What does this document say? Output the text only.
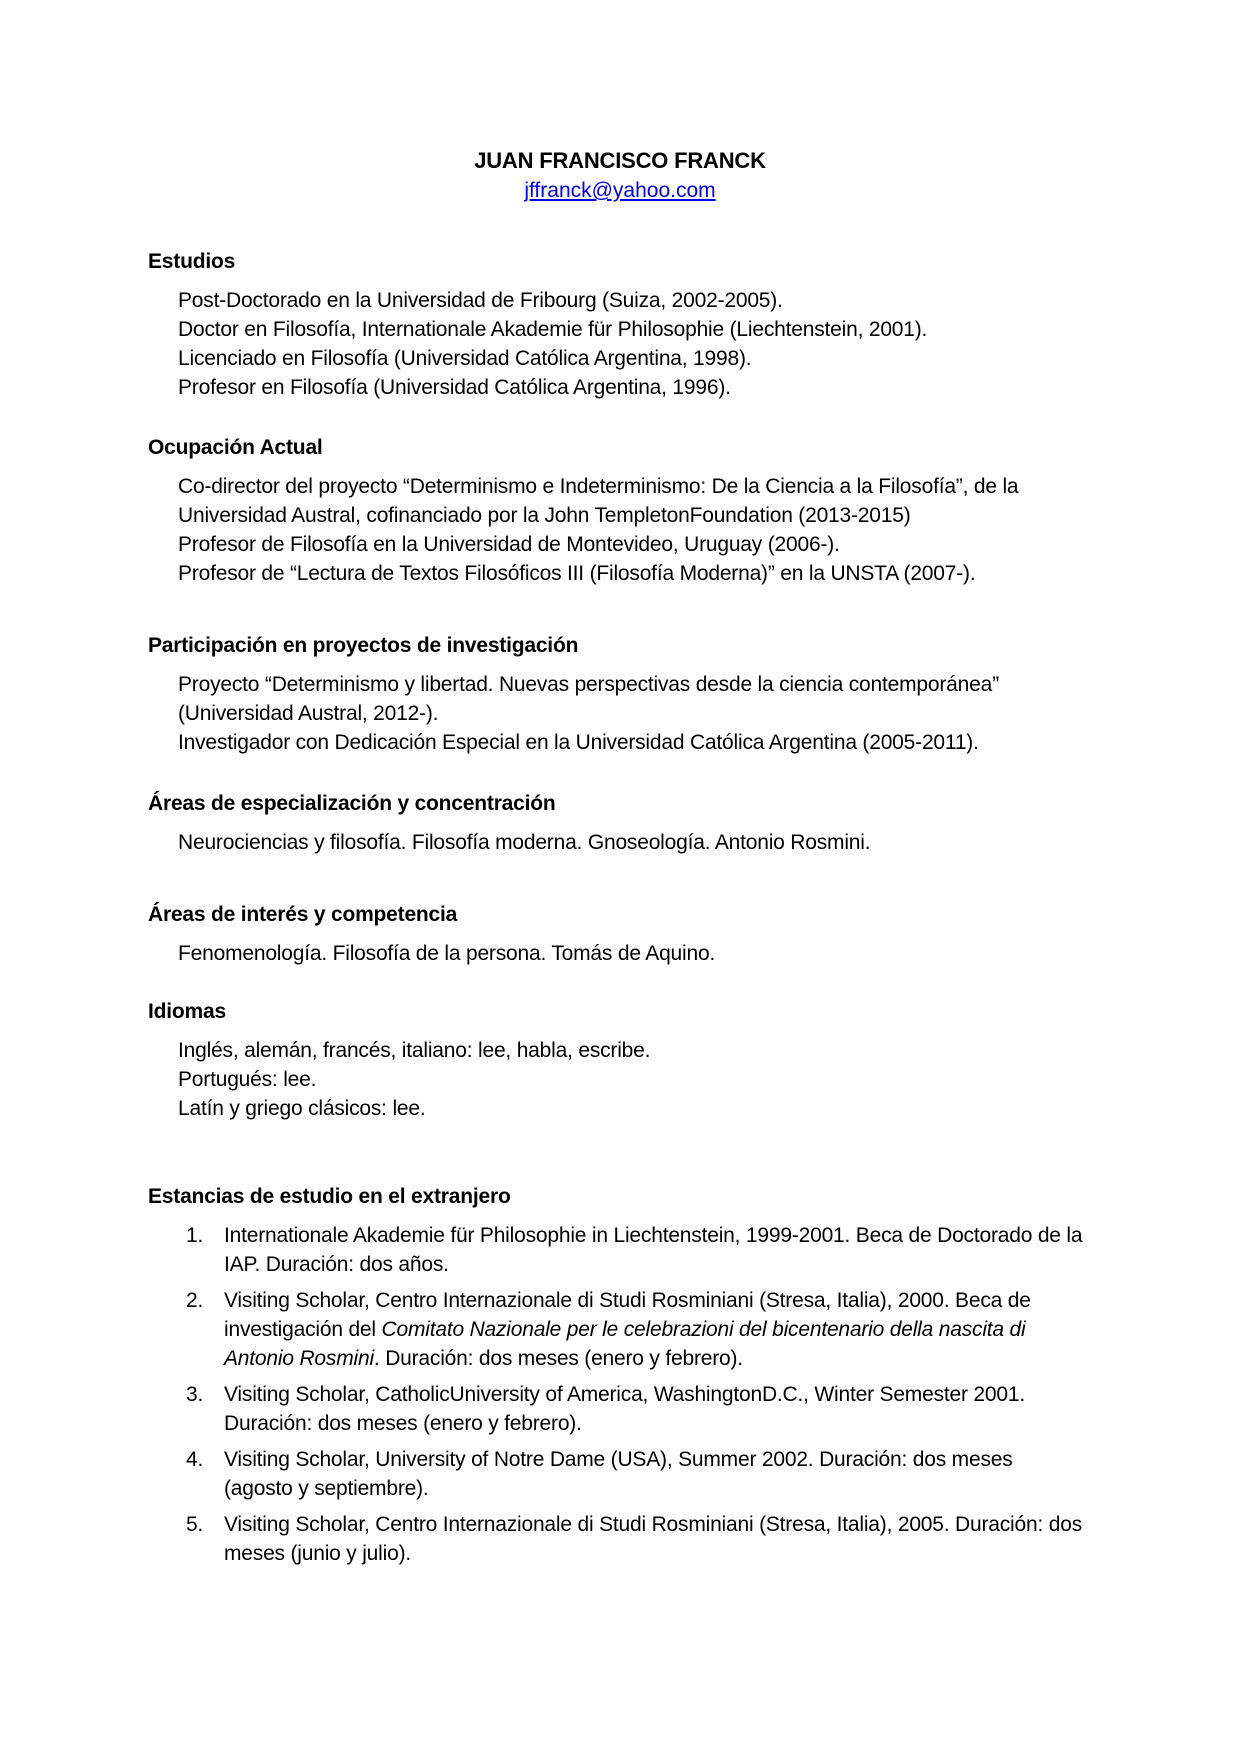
JUAN FRANCISCO FRANCK
jffranck@yahoo.com
Estudios

Post-Doctorado en la Universidad de Fribourg (Suiza, 2002-2005).

Doctor en Filosofía, Internationale Akademie für Philosophie (Liechtenstein, 2001).

Licenciado en Filosofía (Universidad Católica Argentina, 1998).

Profesor en Filosofía (Universidad Católica Argentina, 1996).

Ocupación Actual

Co-director del proyecto “Determinismo e Indeterminismo: De la Ciencia a la Filosofía”, de la

Universidad Austral, cofinanciado por la John TempletonFoundation (2013-2015)

Profesor de Filosofía en la Universidad de Montevideo, Uruguay (2006-).

Profesor de “Lectura de Textos Filosóficos III (Filosofía Moderna)” en la UNSTA (2007-).

Participación en proyectos de investigación

Proyecto “Determinismo y libertad. Nuevas perspectivas desde la ciencia contemporánea”

(Universidad Austral, 2012-).

Investigador con Dedicación Especial en la Universidad Católica Argentina (2005-2011).

Áreas de especialización y concentración

Neurociencias y filosofía. Filosofía moderna. Gnoseología. Antonio Rosmini.

Áreas de interés y competencia

Fenomenología. Filosofía de la persona. Tomás de Aquino.

Idiomas

Inglés, alemán, francés, italiano: lee, habla, escribe.

Portugués: lee.

Latín y griego clásicos: lee.

Estancias de estudio en el extranjero
1. Internationale Akademie für Philosophie in Liechtenstein, 1999-2001. Beca de Doctorado de la IAP. Duración: dos años.
2. Visiting Scholar, Centro Internazionale di Studi Rosminiani (Stresa, Italia), 2000. Beca de investigación del Comitato Nazionale per le celebrazioni del bicentenario della nascita di Antonio Rosmini. Duración: dos meses (enero y febrero).
3. Visiting Scholar, CatholicUniversity of America, WashingtonD.C., Winter Semester 2001. Duración: dos meses (enero y febrero).
4. Visiting Scholar, University of Notre Dame (USA), Summer 2002. Duración: dos meses (agosto y septiembre).
5. Visiting Scholar, Centro Internazionale di Studi Rosminiani (Stresa, Italia), 2005. Duración: dos meses (junio y julio).
